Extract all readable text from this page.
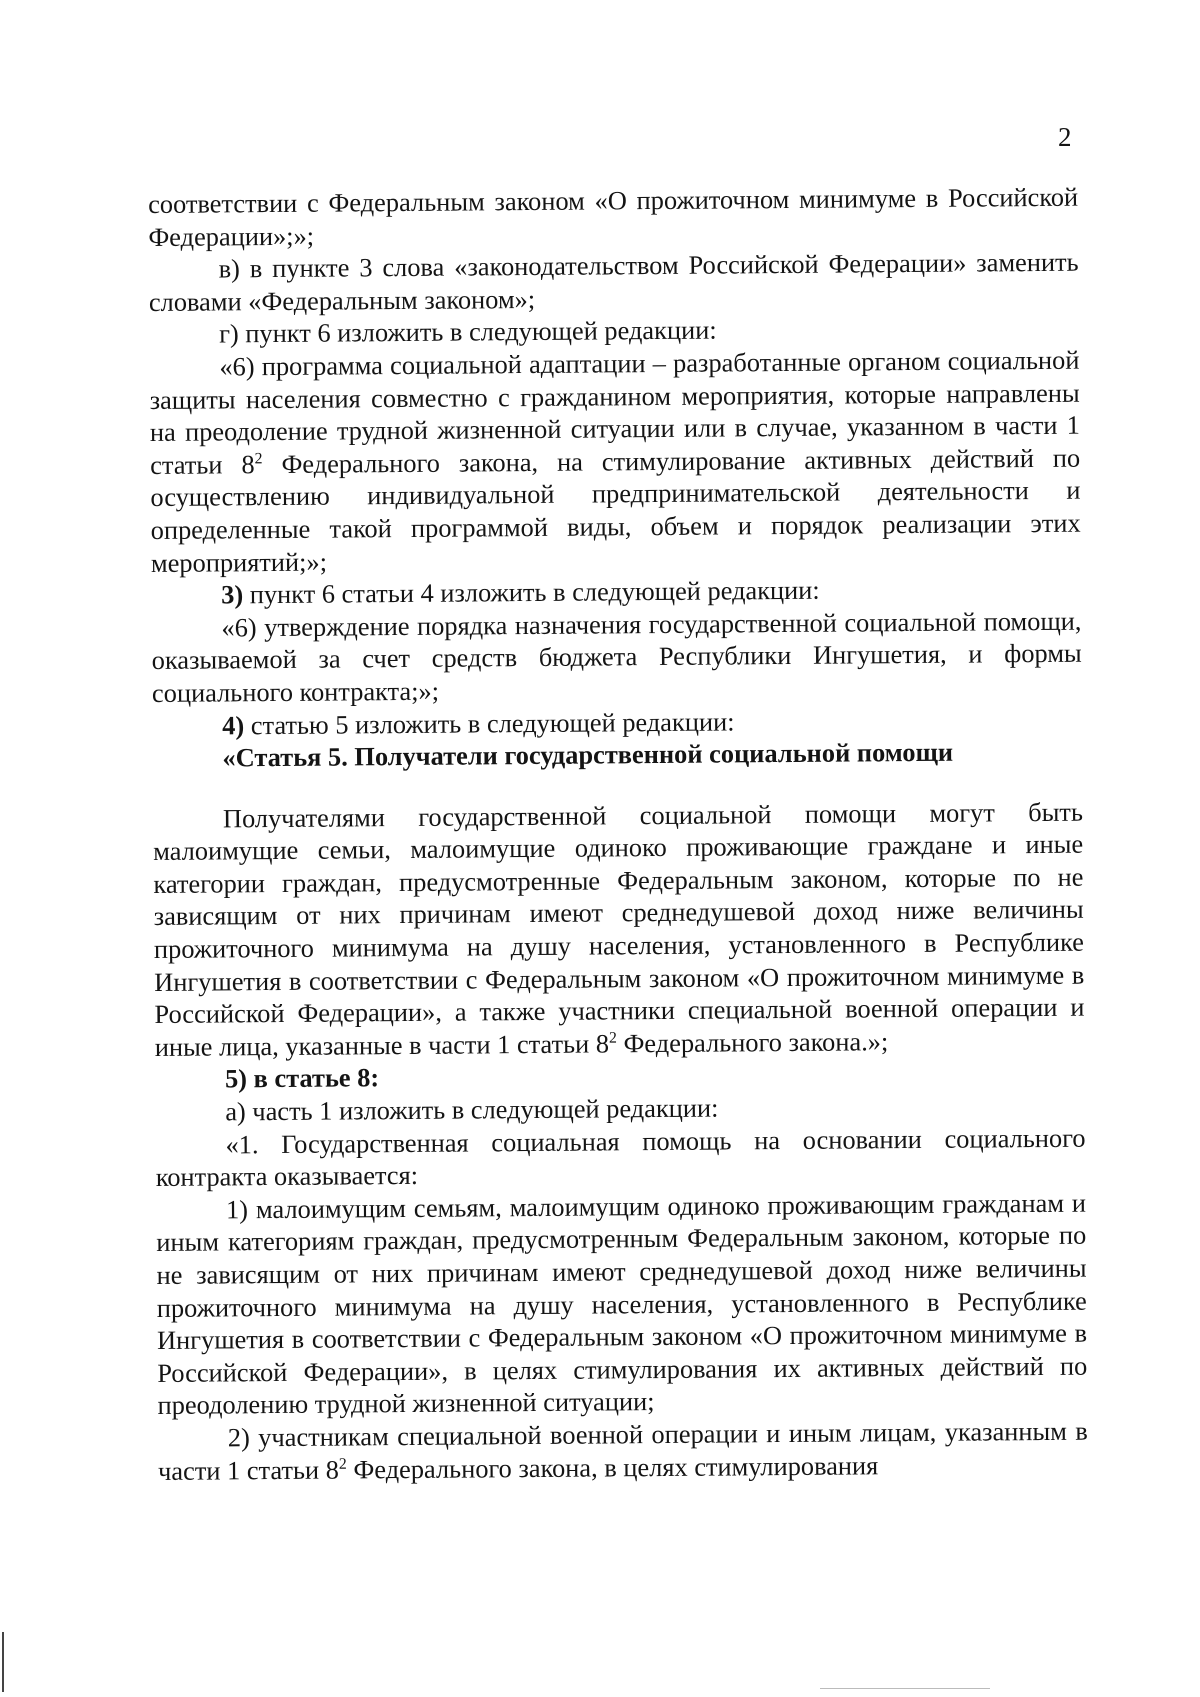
2

соответствии с Федеральным законом «О прожиточном минимуме в Российской Федерации»;»;

в) в пункте 3 слова «законодательством Российской Федерации» заменить словами «Федеральным законом»;

г) пункт 6 изложить в следующей редакции:

«6) программа социальной адаптации – разработанные органом социальной защиты населения совместно с гражданином мероприятия, которые направлены на преодоление трудной жизненной ситуации или в случае, указанном в части 1 статьи $8^2$ Федерального закона, на стимулирование активных действий по осуществлению индивидуальной предпринимательской деятельности и определенные такой программой виды, объем и порядок реализации этих мероприятий;»;

3) пункт 6 статьи 4 изложить в следующей редакции:

«6) утверждение порядка назначения государственной социальной помощи, оказываемой за счет средств бюджета Республики Ингушетия, и формы социального контракта;»;

4) статью 5 изложить в следующей редакции:

«Статья 5. Получатели государственной социальной помощи

Получателями государственной социальной помощи могут быть малоимущие семьи, малоимущие одиноко проживающие граждане и иные категории граждан, предусмотренные Федеральным законом, которые по не зависящим от них причинам имеют среднедушевой доход ниже величины прожиточного минимума на душу населения, установленного в Республике Ингушетия в соответствии с Федеральным законом «О прожиточном минимуме в Российской Федерации», а также участники специальной военной операции и иные лица, указанные в части 1 статьи $8^2$ Федерального закона.»;

5) в статье 8:

а) часть 1 изложить в следующей редакции:

«1. Государственная социальная помощь на основании социального контракта оказывается:

1) малоимущим семьям, малоимущим одиноко проживающим гражданам и иным категориям граждан, предусмотренным Федеральным законом, которые по не зависящим от них причинам имеют среднедушевой доход ниже величины прожиточного минимума на душу населения, установленного в Республике Ингушетия в соответствии с Федеральным законом «О прожиточном минимуме в Российской Федерации», в целях стимулирования их активных действий по преодолению трудной жизненной ситуации;

2) участникам специальной военной операции и иным лицам, указанным в части 1 статьи $8^2$ Федерального закона, в целях стимулирования
